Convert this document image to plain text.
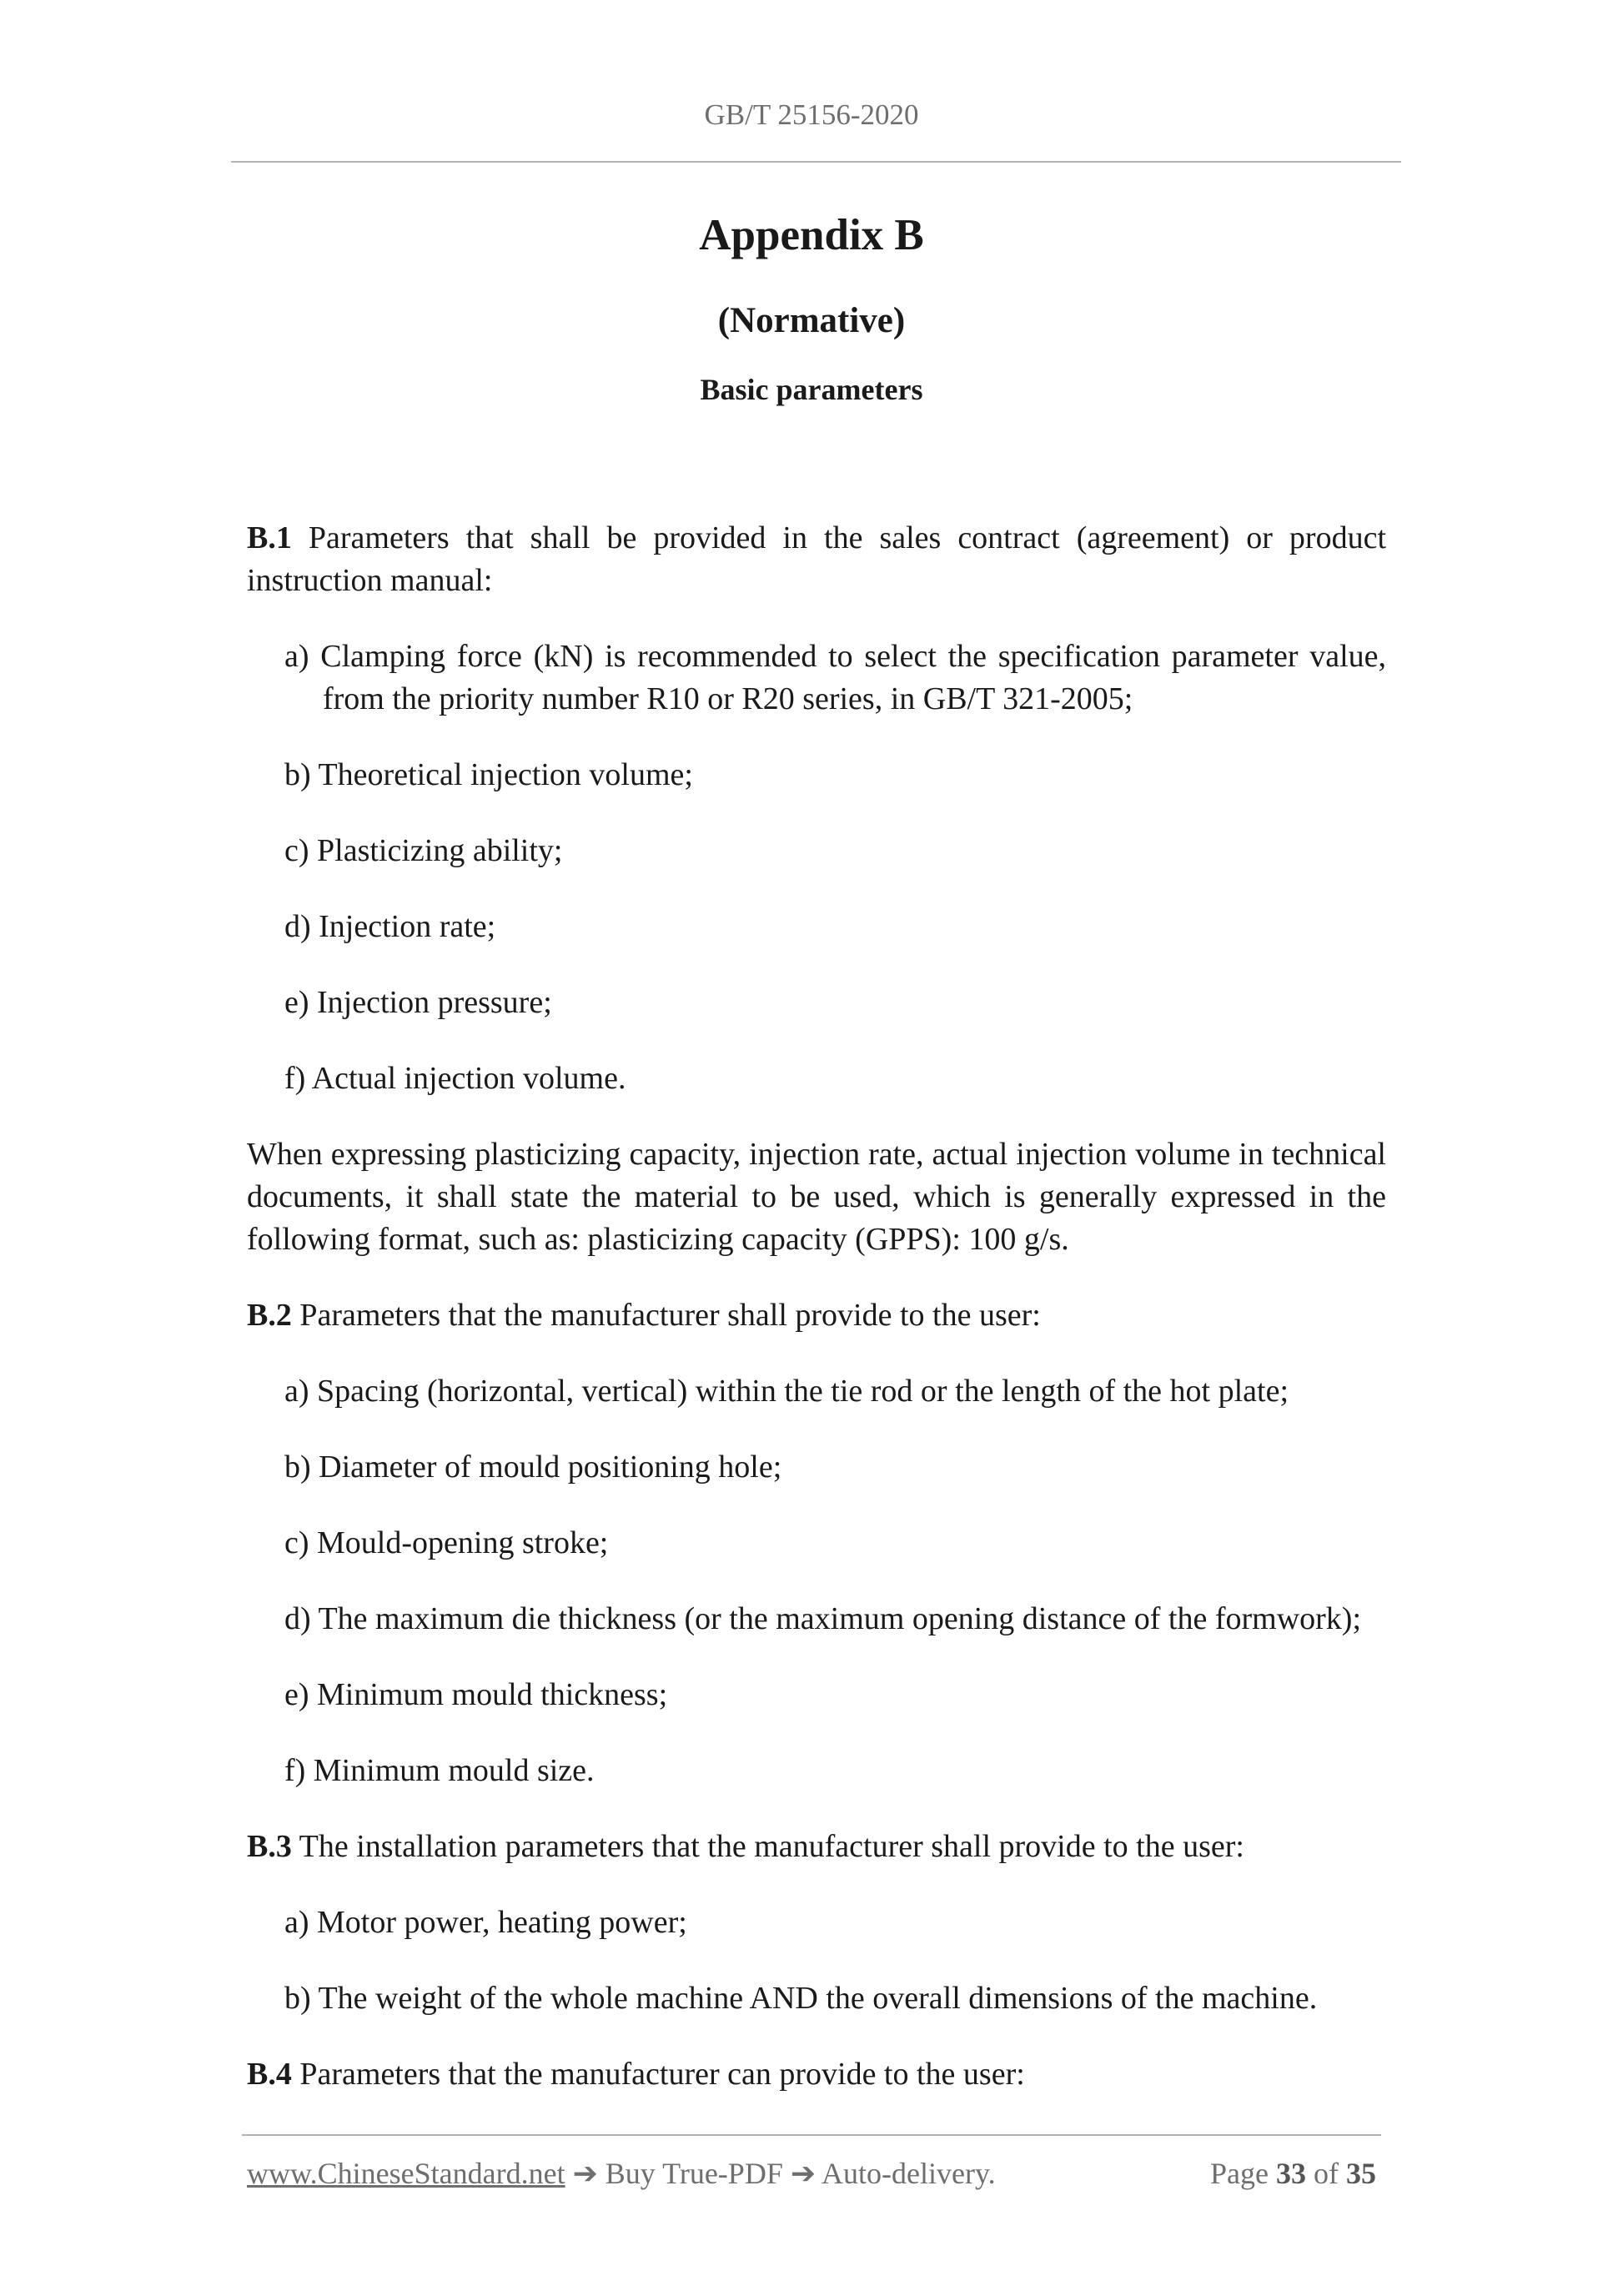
GB/T 25156-2020
Appendix B
(Normative)
Basic parameters

B.1 Parameters that shall be provided in the sales contract (agreement) or product instruction manual:

a) Clamping force (kN) is recommended to select the specification parameter value, from the priority number R10 or R20 series, in GB/T 321-2005;

b) Theoretical injection volume;

c) Plasticizing ability;

d) Injection rate;

e) Injection pressure;

f) Actual injection volume.

When expressing plasticizing capacity, injection rate, actual injection volume in technical documents, it shall state the material to be used, which is generally expressed in the following format, such as: plasticizing capacity (GPPS): 100 g/s.

B.2 Parameters that the manufacturer shall provide to the user:

a) Spacing (horizontal, vertical) within the tie rod or the length of the hot plate;

b) Diameter of mould positioning hole;

c) Mould-opening stroke;

d) The maximum die thickness (or the maximum opening distance of the formwork);

e) Minimum mould thickness;

f) Minimum mould size.

B.3 The installation parameters that the manufacturer shall provide to the user:

a) Motor power, heating power;

b) The weight of the whole machine AND the overall dimensions of the machine.

B.4 Parameters that the manufacturer can provide to the user:

www.ChineseStandard.net ➔ Buy True-PDF ➔ Auto-delivery.	Page 33 of 35
